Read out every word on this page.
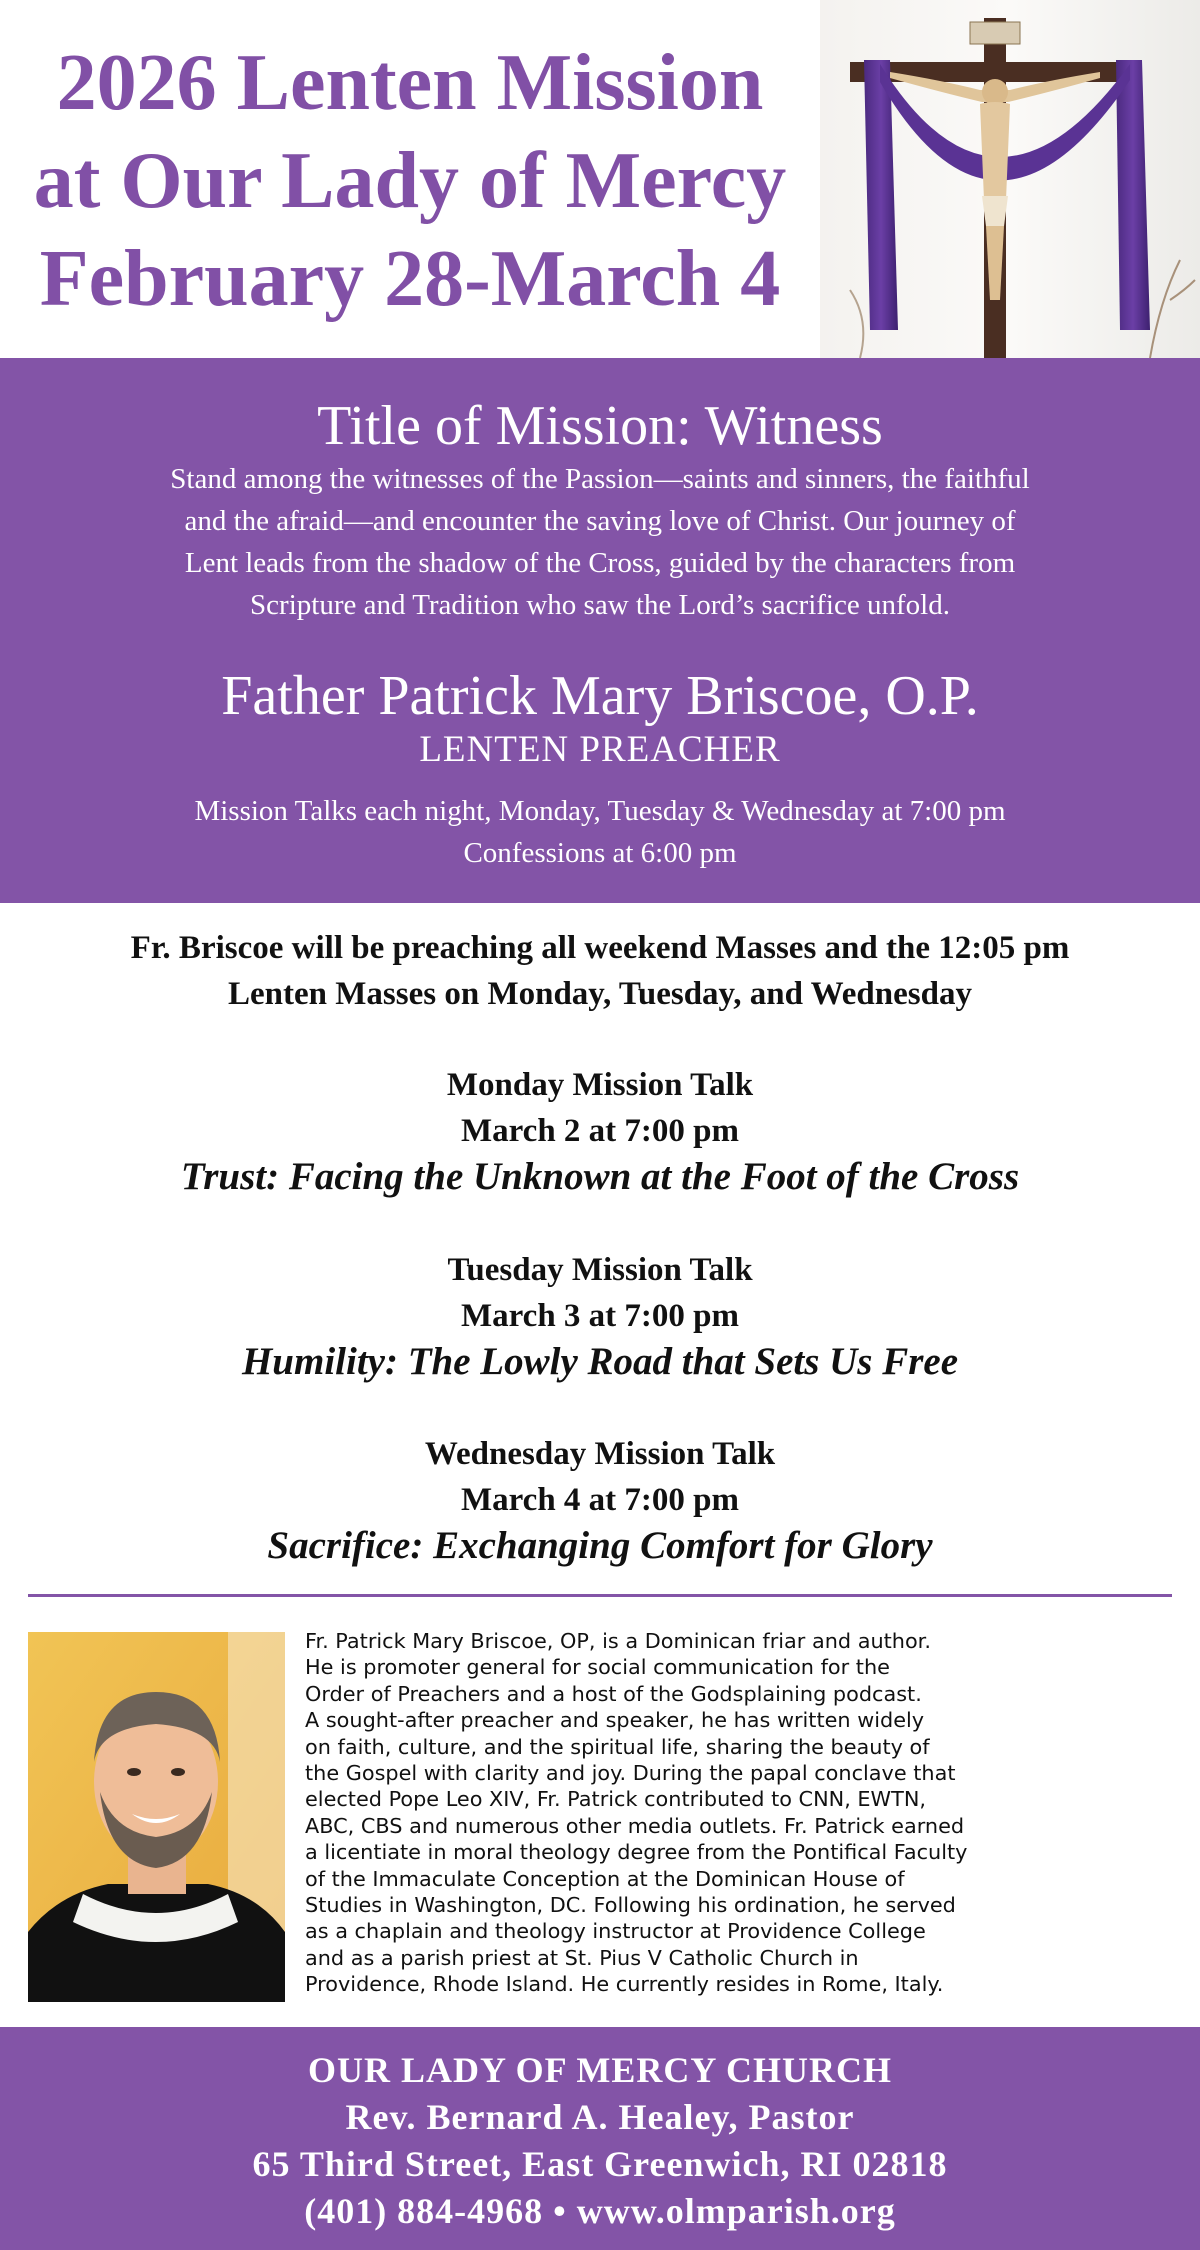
2026 Lenten Mission
at Our Lady of Mercy
February 28-March 4
Title of Mission: Witness
Stand among the witnesses of the Passion—saints and sinners, the faithful
and the afraid—and encounter the saving love of Christ. Our journey of
Lent leads from the shadow of the Cross, guided by the characters from
Scripture and Tradition who saw the Lord’s sacrifice unfold.
Father Patrick Mary Briscoe, O.P.
LENTEN PREACHER
Mission Talks each night, Monday, Tuesday & Wednesday at 7:00 pm
Confessions at 6:00 pm
Fr. Briscoe will be preaching all weekend Masses and the 12:05 pm
Lenten Masses on Monday, Tuesday, and Wednesday
Monday Mission Talk
March 2 at 7:00 pm
Trust: Facing the Unknown at the Foot of the Cross
Tuesday Mission Talk
March 3 at 7:00 pm
Humility: The Lowly Road that Sets Us Free
Wednesday Mission Talk
March 4 at 7:00 pm
Sacrifice: Exchanging Comfort for Glory
Fr. Patrick Mary Briscoe, OP, is a Dominican friar and author.
He is promoter general for social communication for the
Order of Preachers and a host of the Godsplaining podcast.
A sought-after preacher and speaker, he has written widely
on faith, culture, and the spiritual life, sharing the beauty of
the Gospel with clarity and joy. During the papal conclave that
elected Pope Leo XIV, Fr. Patrick contributed to CNN, EWTN,
ABC, CBS and numerous other media outlets. Fr. Patrick earned
a licentiate in moral theology degree from the Pontifical Faculty
of the Immaculate Conception at the Dominican House of
Studies in Washington, DC. Following his ordination, he served
as a chaplain and theology instructor at Providence College
and as a parish priest at St. Pius V Catholic Church in
Providence, Rhode Island. He currently resides in Rome, Italy.
OUR LADY OF MERCY CHURCH
Rev. Bernard A. Healey, Pastor
65 Third Street, East Greenwich, RI 02818
(401) 884-4968 • www.olmparish.org
